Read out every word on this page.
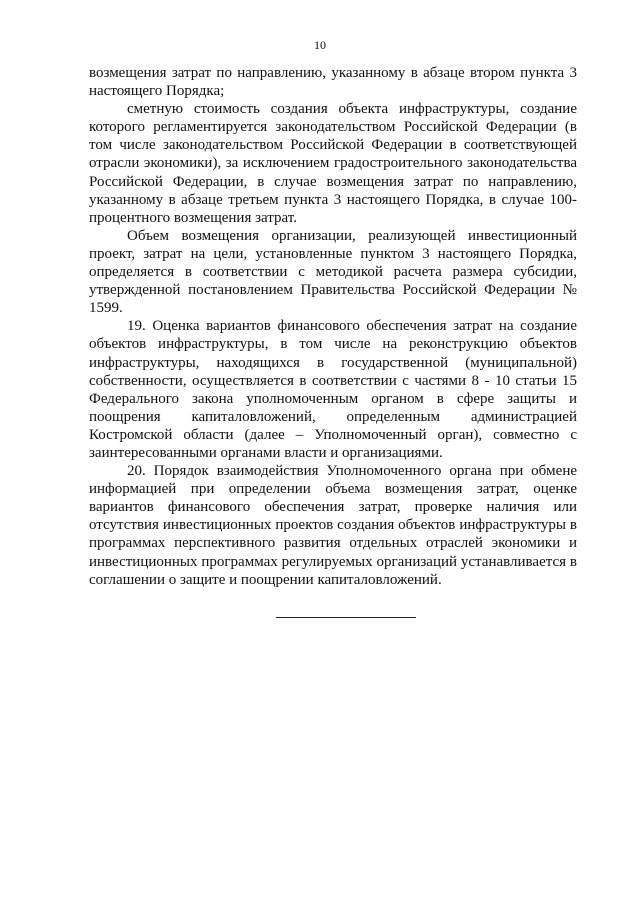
10

возмещения затрат по направлению, указанному в абзаце втором пункта 3 настоящего Порядка;

сметную стоимость создания объекта инфраструктуры, создание которого регламентируется законодательством Российской Федерации (в том числе законодательством Российской Федерации в соответствующей отрасли экономики), за исключением градостроительного законодательства Российской Федерации, в случае возмещения затрат по направлению, указанному в абзаце третьем пункта 3 настоящего Порядка, в случае 100-процентного возмещения затрат.

Объем возмещения организации, реализующей инвестиционный проект, затрат на цели, установленные пунктом 3 настоящего Порядка, определяется в соответствии с методикой расчета размера субсидии, утвержденной постановлением Правительства Российской Федерации № 1599.

19. Оценка вариантов финансового обеспечения затрат на создание объектов инфраструктуры, в том числе на реконструкцию объектов инфраструктуры, находящихся в государственной (муниципальной) собственности, осуществляется в соответствии с частями 8 - 10 статьи 15 Федерального закона уполномоченным органом в сфере защиты и поощрения капиталовложений, определенным администрацией Костромской области (далее – Уполномоченный орган), совместно с заинтересованными органами власти и организациями.

20. Порядок взаимодействия Уполномоченного органа при обмене информацией при определении объема возмещения затрат, оценке вариантов финансового обеспечения затрат, проверке наличия или отсутствия инвестиционных проектов создания объектов инфраструктуры в программах перспективного развития отдельных отраслей экономики и инвестиционных программах регулируемых организаций устанавливается в соглашении о защите и поощрении капиталовложений.
